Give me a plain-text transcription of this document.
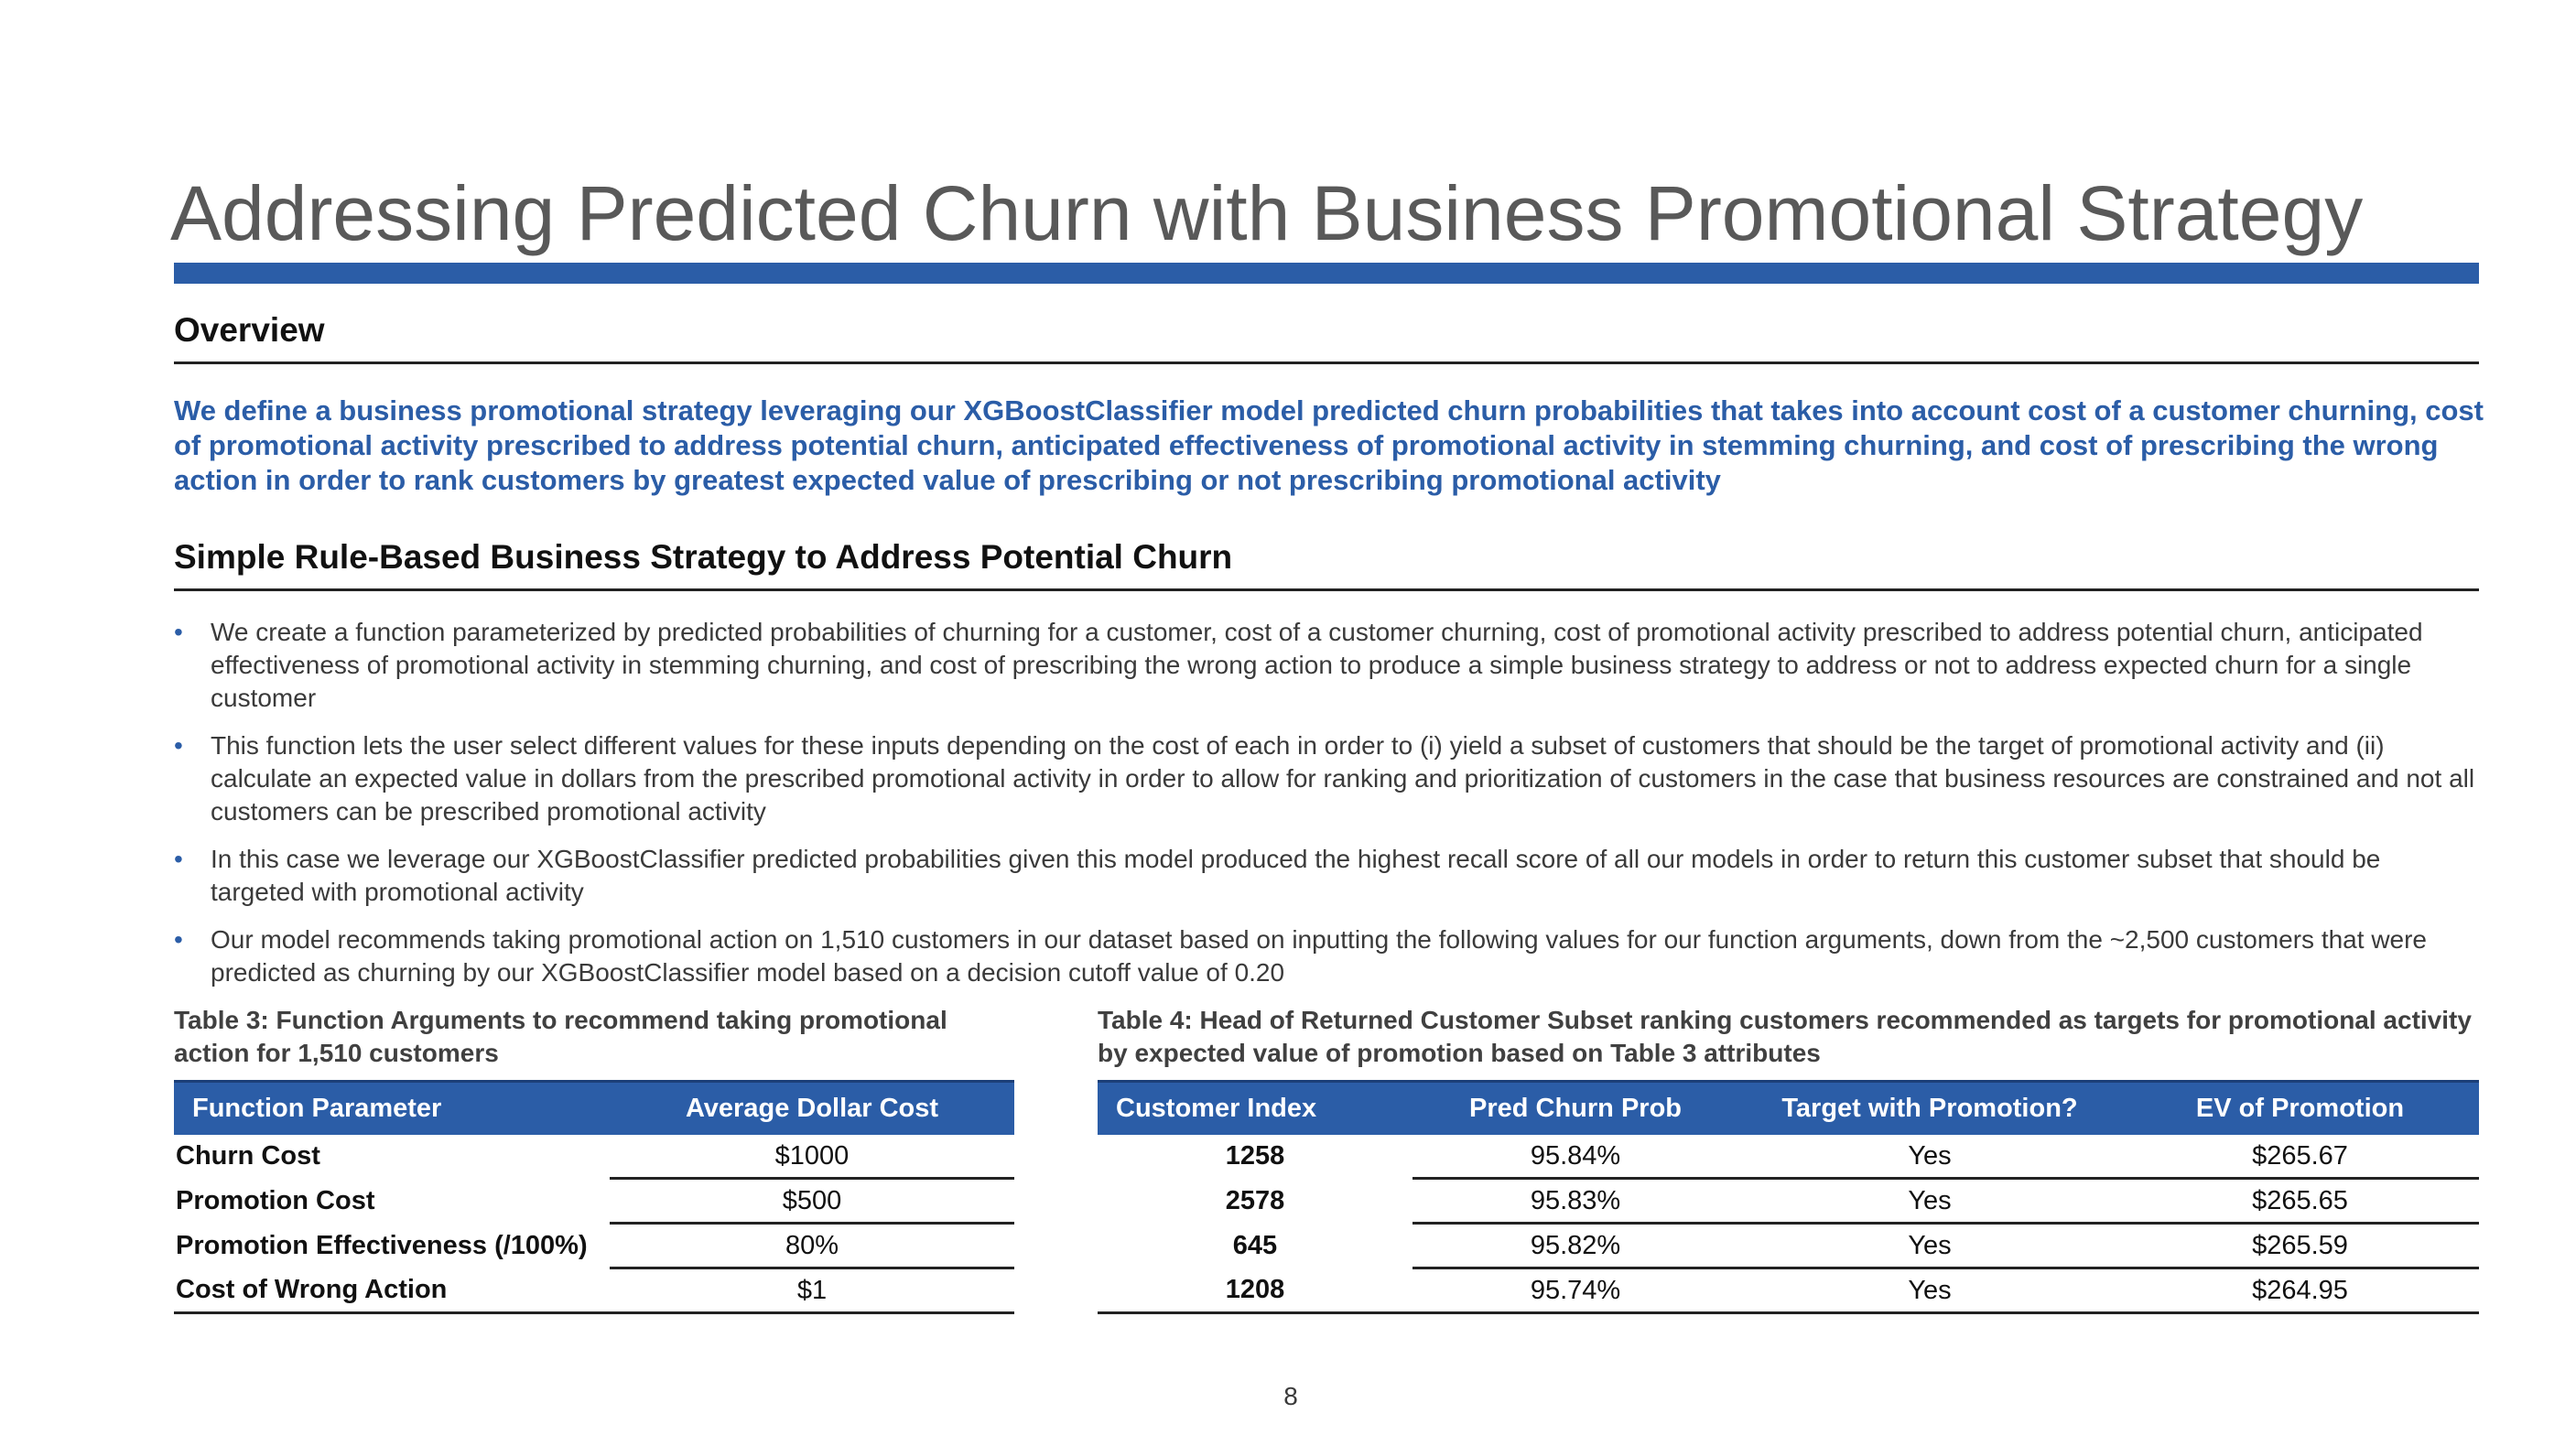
Addressing Predicted Churn with Business Promotional Strategy
Overview

We define a business promotional strategy leveraging our XGBoostClassifier model predicted churn probabilities that takes into account cost of a customer churning, cost of promotional activity prescribed to address potential churn, anticipated effectiveness of promotional activity in stemming churning, and cost of prescribing the wrong action in order to rank customers by greatest expected value of prescribing or not prescribing promotional activity

Simple Rule-Based Business Strategy to Address Potential Churn
• We create a function parameterized by predicted probabilities of churning for a customer, cost of a customer churning, cost of promotional activity prescribed to address potential churn, anticipated effectiveness of promotional activity in stemming churning, and cost of prescribing the wrong action to produce a simple business strategy to address or not to address expected churn for a single customer
• This function lets the user select different values for these inputs depending on the cost of each in order to (i) yield a subset of customers that should be the target of promotional activity and (ii) calculate an expected value in dollars from the prescribed promotional activity in order to allow for ranking and prioritization of customers in the case that business resources are constrained and not all customers can be prescribed promotional activity
• In this case we leverage our XGBoostClassifier predicted probabilities given this model produced the highest recall score of all our models in order to return this customer subset that should be targeted with promotional activity
• Our model recommends taking promotional action on 1,510 customers in our dataset based on inputting the following values for our function arguments, down from the ~2,500 customers that were predicted as churning by our XGBoostClassifier model based on a decision cutoff value of 0.20

Table 3: Function Arguments to recommend taking promotional action for 1,510 customers

Function Parameter	Average Dollar Cost
Churn Cost	$1000
Promotion Cost	$500
Promotion Effectiveness (/100%)	80%
Cost of Wrong Action	$1

Table 4: Head of Returned Customer Subset ranking customers recommended as targets for promotional activity by expected value of promotion based on Table 3 attributes

Customer Index	Pred Churn Prob	Target with Promotion?	EV of Promotion
1258	95.84%	Yes	$265.67
2578	95.83%	Yes	$265.65
645	95.82%	Yes	$265.59
1208	95.74%	Yes	$264.95
8
